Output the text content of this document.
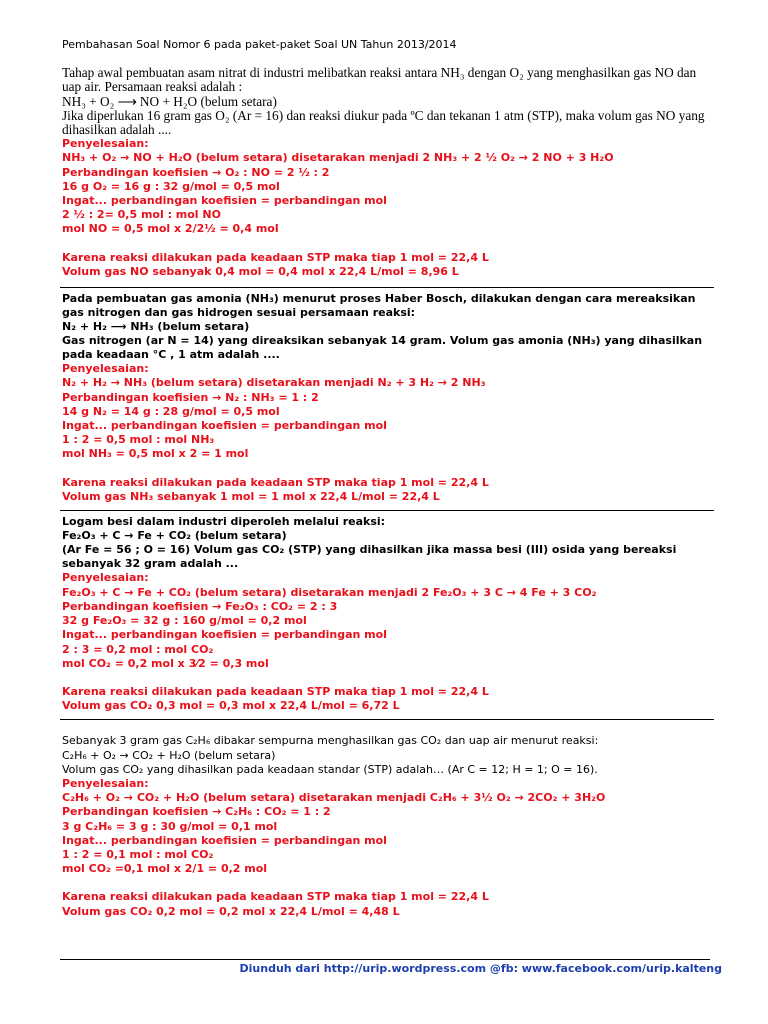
Pembahasan Soal Nomor 6 pada paket-paket Soal UN Tahun 2013/2014
Tahap awal pembuatan asam nitrat di industri melibatkan reaksi antara NH₃ dengan O₂ yang menghasilkan gas NO dan uap air. Persamaan reaksi adalah :
NH₃ + O₂ ⟶ NO + H₂O (belum setara)
Jika diperlukan 16 gram gas O₂ (Ar = 16) dan reaksi diukur pada ºC dan tekanan 1 atm (STP), maka volum gas NO yang dihasilkan adalah ....
Penyelesaian:
NH₃ + O₂ → NO + H₂O (belum setara) disetarakan menjadi 2 NH₃ + 2 ½ O₂ → 2 NO + 3 H₂O
Perbandingan koefisien → O₂ : NO = 2 ½ : 2
16 g O₂ = 16 g : 32 g/mol = 0,5 mol
Ingat... perbandingan koefisien = perbandingan mol
2 ½ : 2= 0,5 mol : mol NO
mol NO = 0,5 mol x 2/2½ = 0,4 mol
Karena reaksi dilakukan pada keadaan STP maka tiap 1 mol = 22,4 L
Volum gas NO sebanyak 0,4 mol = 0,4 mol x 22,4 L/mol = 8,96 L
Pada pembuatan gas amonia (NH₃) menurut proses Haber Bosch, dilakukan dengan cara mereaksikan gas nitrogen dan gas hidrogen sesuai persamaan reaksi:
N₂ + H₂ ⟶ NH₃ (belum setara)
Gas nitrogen (ar N = 14) yang direaksikan sebanyak 14 gram. Volum gas amonia (NH₃) yang dihasilkan pada keadaan °C , 1 atm adalah ....
Penyelesaian:
N₂ + H₂ → NH₃ (belum setara) disetarakan menjadi N₂ + 3 H₂ → 2 NH₃
Perbandingan koefisien → N₂ : NH₃ = 1 : 2
14 g N₂ = 14 g : 28 g/mol = 0,5 mol
Ingat... perbandingan koefisien = perbandingan mol
1 : 2 = 0,5 mol : mol NH₃
mol NH₃ = 0,5 mol x 2 = 1 mol
Karena reaksi dilakukan pada keadaan STP maka tiap 1 mol = 22,4 L
Volum gas NH₃ sebanyak 1 mol = 1 mol x 22,4 L/mol = 22,4 L
Logam besi dalam industri diperoleh melalui reaksi:
Fe₂O₃ + C → Fe + CO₂ (belum setara)
(Ar Fe = 56 ; O = 16) Volum gas CO₂ (STP) yang dihasilkan jika massa besi (III) osida yang bereaksi sebanyak 32 gram adalah ...
Penyelesaian:
Fe₂O₃ + C → Fe + CO₂ (belum setara) disetarakan menjadi 2 Fe₂O₃ + 3 C → 4 Fe + 3 CO₂
Perbandingan koefisien → Fe₂O₃ : CO₂ = 2 : 3
32 g Fe₂O₃ = 32 g : 160 g/mol = 0,2 mol
Ingat... perbandingan koefisien = perbandingan mol
2 : 3 = 0,2 mol : mol CO₂
mol CO₂ = 0,2 mol x 3⁄2 = 0,3 mol
Karena reaksi dilakukan pada keadaan STP maka tiap 1 mol = 22,4 L
Volum gas CO₂ 0,3 mol = 0,3 mol x 22,4 L/mol = 6,72 L
Sebanyak 3 gram gas C₂H₆ dibakar sempurna menghasilkan gas CO₂ dan uap air menurut reaksi:
C₂H₆ + O₂ → CO₂ + H₂O (belum setara)
Volum gas CO₂ yang dihasilkan pada keadaan standar (STP) adalah… (Ar C = 12; H = 1; O = 16).
Penyelesaian:
C₂H₆ + O₂ → CO₂ + H₂O (belum setara) disetarakan menjadi C₂H₆ + 3½ O₂ → 2CO₂ + 3H₂O
Perbandingan koefisien → C₂H₆ : CO₂ = 1 : 2
3 g C₂H₆ = 3 g : 30 g/mol = 0,1 mol
Ingat... perbandingan koefisien = perbandingan mol
1 : 2 = 0,1 mol : mol CO₂
mol CO₂ =0,1 mol x 2/1 = 0,2 mol
Karena reaksi dilakukan pada keadaan STP maka tiap 1 mol = 22,4 L
Volum gas CO₂ 0,2 mol = 0,2 mol x 22,4 L/mol = 4,48 L
Diunduh dari http://urip.wordpress.com @fb: www.facebook.com/urip.kalteng
